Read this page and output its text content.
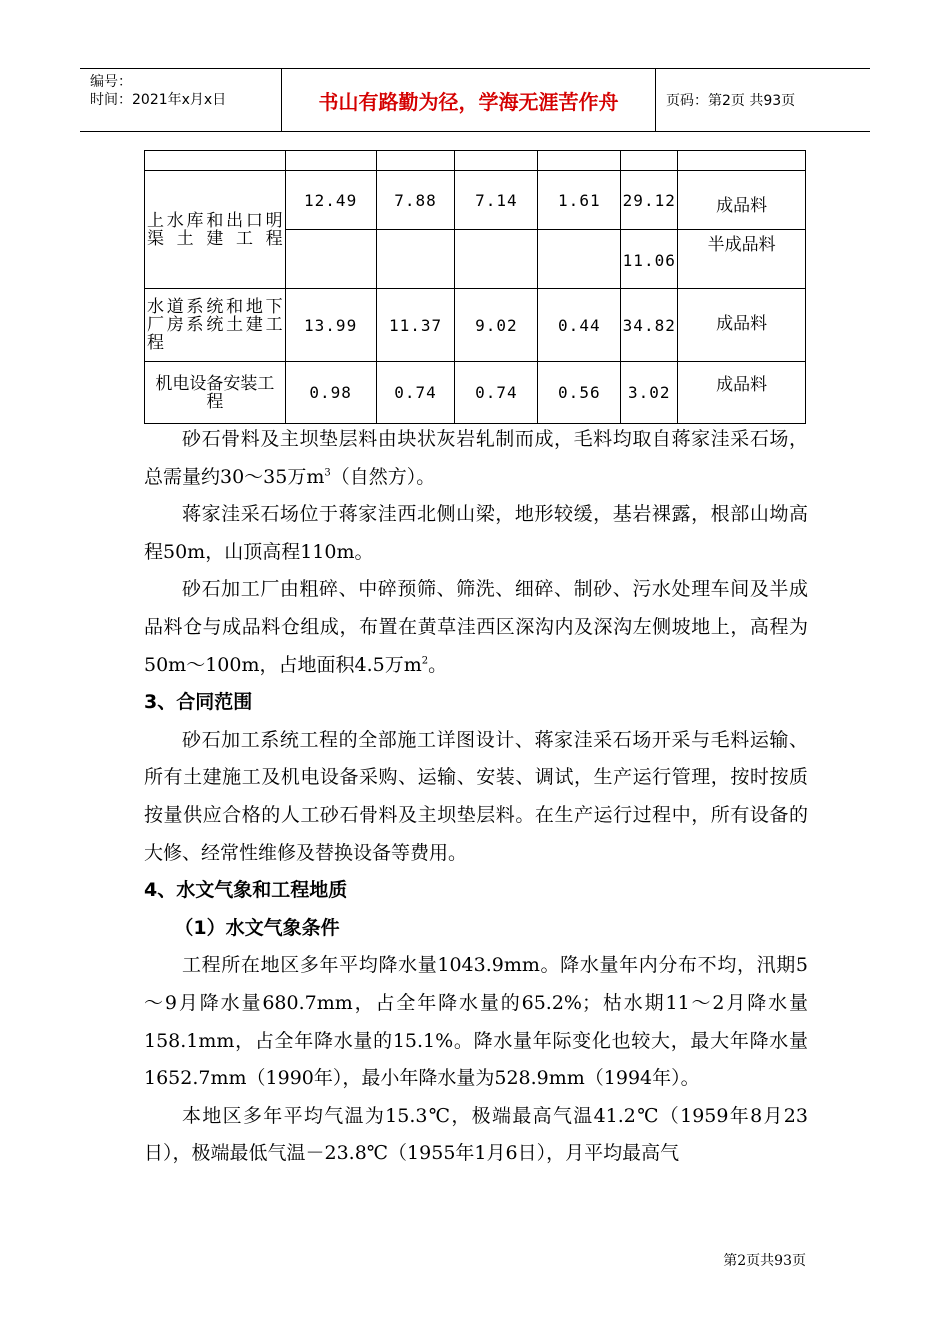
编号：
时间：2021年x月x日	书山有路勤为径，学海无涯苦作舟	页码：第2页 共93页

上水库和出口明渠土建工程	12.49	7.88	7.14	1.61	29.12	成品料
					11.06	半成品料
水道系统和地下厂房系统土建工程	13.99	11.37	9.02	0.44	34.82	成品料
机电设备安装工程	0.98	0.74	0.74	0.56	3.02	成品料

砂石骨料及主坝垫层料由块状灰岩轧制而成，毛料均取自蒋家洼采石场，总需量约30～35万$m^3$（自然方）。

蒋家洼采石场位于蒋家洼西北侧山梁，地形较缓，基岩裸露，根部山坳高程50m，山顶高程110m。

砂石加工厂由粗碎、中碎预筛、筛洗、细碎、制砂、污水处理车间及半成品料仓与成品料仓组成，布置在黄草洼西区深沟内及深沟左侧坡地上，高程为50m～100m，占地面积4.5万$m^2$。

3、合同范围

砂石加工系统工程的全部施工详图设计、蒋家洼采石场开采与毛料运输、所有土建施工及机电设备采购、运输、安装、调试，生产运行管理，按时按质按量供应合格的人工砂石骨料及主坝垫层料。在生产运行过程中，所有设备的大修、经常性维修及替换设备等费用。

4、水文气象和工程地质
（1）水文气象条件

工程所在地区多年平均降水量1043.9mm。降水量年内分布不均，汛期5～9月降水量680.7mm，占全年降水量的65.2%；枯水期11～2月降水量158.1mm，占全年降水量的15.1%。降水量年际变化也较大，最大年降水量1652.7mm（1990年），最小年降水量为528.9mm（1994年）。

本地区多年平均气温为15.3℃，极端最高气温41.2℃（1959年8月23日），极端最低气温－23.8℃（1955年1月6日），月平均最高气

第2页共93页
